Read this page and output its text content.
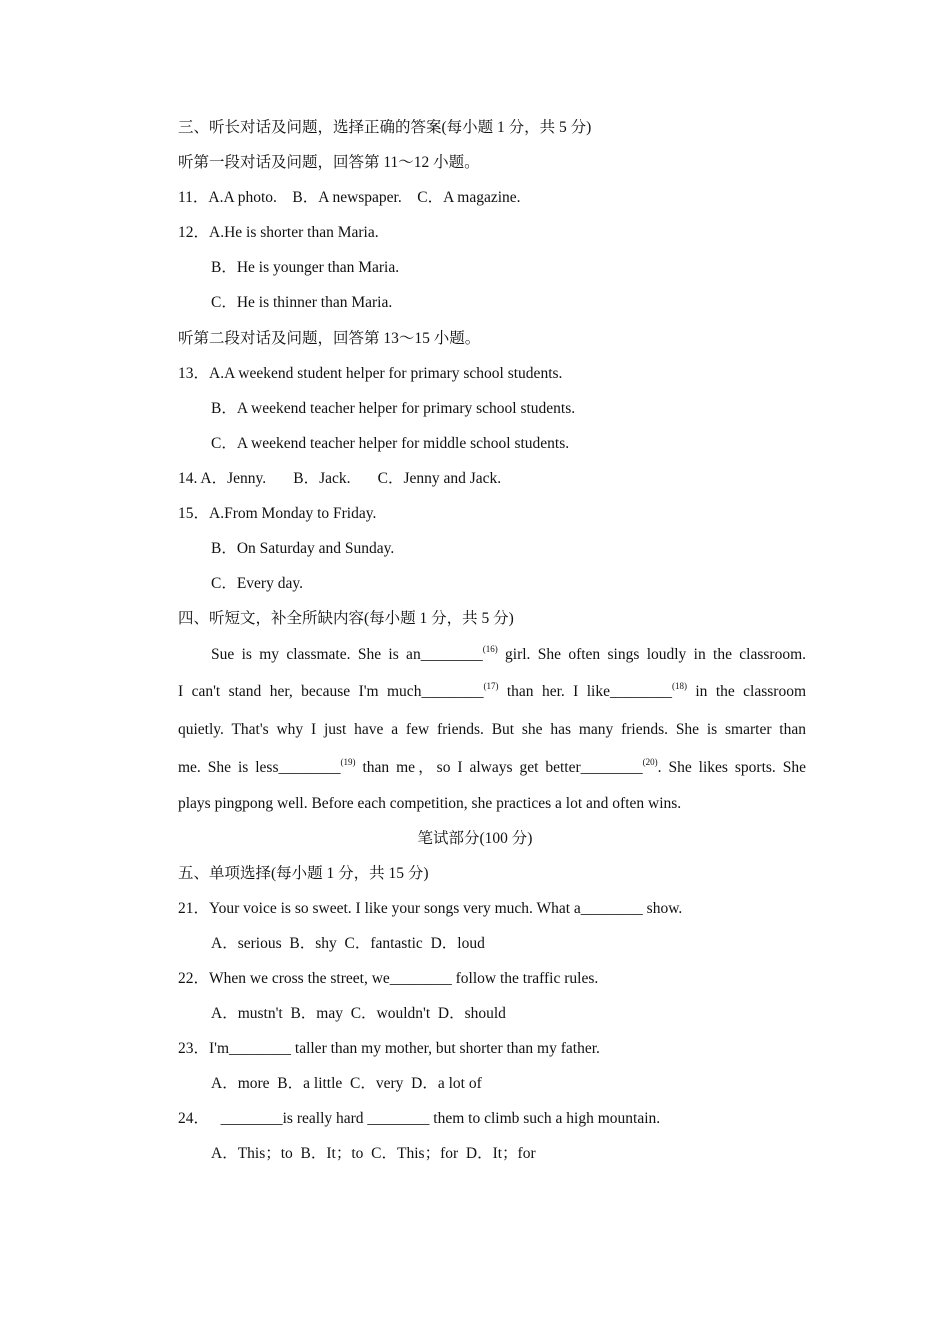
三、听长对话及问题，选择正确的答案(每小题 1 分，共 5 分)
听第一段对话及问题，回答第 11～12 小题。
11．A.A photo.    B．A newspaper.    C．A magazine.
12．A.He is shorter than Maria.
B．He is younger than Maria.
C．He is thinner than Maria.
听第二段对话及问题，回答第 13～15 小题。
13．A.A weekend student helper for primary school students.
B．A weekend teacher helper for primary school students.
C．A weekend teacher helper for middle school students.
14. A．Jenny.       B．Jack.       C．Jenny and Jack.
15．A.From Monday to Friday.
B．On Saturday and Sunday.
C．Every day.
四、听短文，补全所缺内容(每小题 1 分，共 5 分)
Sue is my classmate. She is an________$^{(16)}$ girl. She often sings loudly in the classroom.
I can't stand her, because I'm much________$^{(17)}$ than her. I like________$^{(18)}$ in the classroom
quietly. That's why I just have a few friends. But she has many friends. She is smarter than
me. She is less________$^{(19)}$ than me，so I always get better________$^{(20)}$. She likes sports. She
plays pingpong well. Before each competition, she practices a lot and often wins.
笔试部分(100 分)
五、单项选择(每小题 1 分，共 15 分)
21．Your voice is so sweet. I like your songs very much. What a________ show.
A．serious  B．shy  C．fantastic  D．loud
22．When we cross the street, we________ follow the traffic rules.
A．mustn't  B．may  C．wouldn't  D．should
23．I'm________ taller than my mother, but shorter than my father.
A．more  B．a little  C．very  D．a lot of
24．   ________is really hard ________ them to climb such a high mountain.
A．This；to  B．It；to  C．This；for  D．It；for
